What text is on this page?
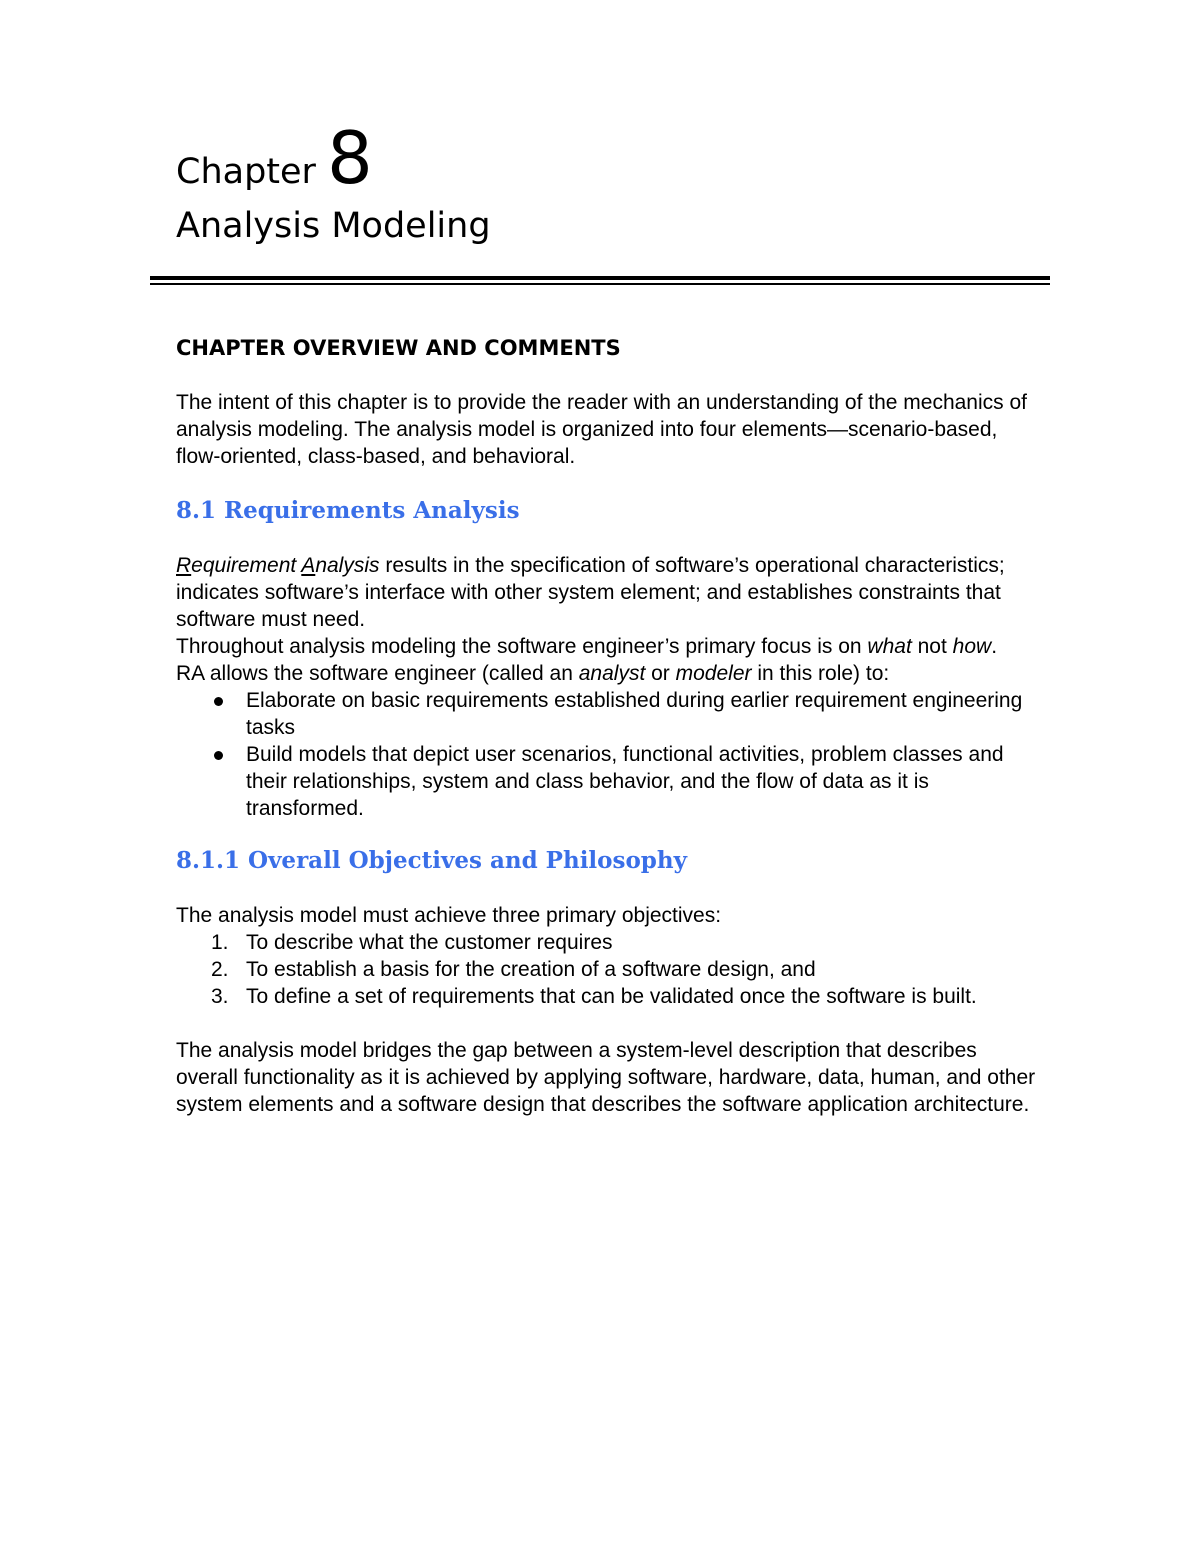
Chapter 8
Analysis Modeling
CHAPTER OVERVIEW AND COMMENTS

The intent of this chapter is to provide the reader with an understanding of the mechanics of analysis modeling. The analysis model is organized into four elements—scenario-based, flow-oriented, class-based, and behavioral.

8.1 Requirements Analysis

Requirement Analysis results in the specification of software’s operational characteristics; indicates software’s interface with other system element; and establishes constraints that software must need.

Throughout analysis modeling the software engineer’s primary focus is on what not how.

RA allows the software engineer (called an analyst or modeler in this role) to:

Elaborate on basic requirements established during earlier requirement engineering tasks
Build models that depict user scenarios, functional activities, problem classes and their relationships, system and class behavior, and the flow of data as it is transformed.
8.1.1 Overall Objectives and Philosophy

The analysis model must achieve three primary objectives:

1. To describe what the customer requires
2. To establish a basis for the creation of a software design, and
3. To define a set of requirements that can be validated once the software is built.

The analysis model bridges the gap between a system-level description that describes overall functionality as it is achieved by applying software, hardware, data, human, and other system elements and a software design that describes the software application architecture.
